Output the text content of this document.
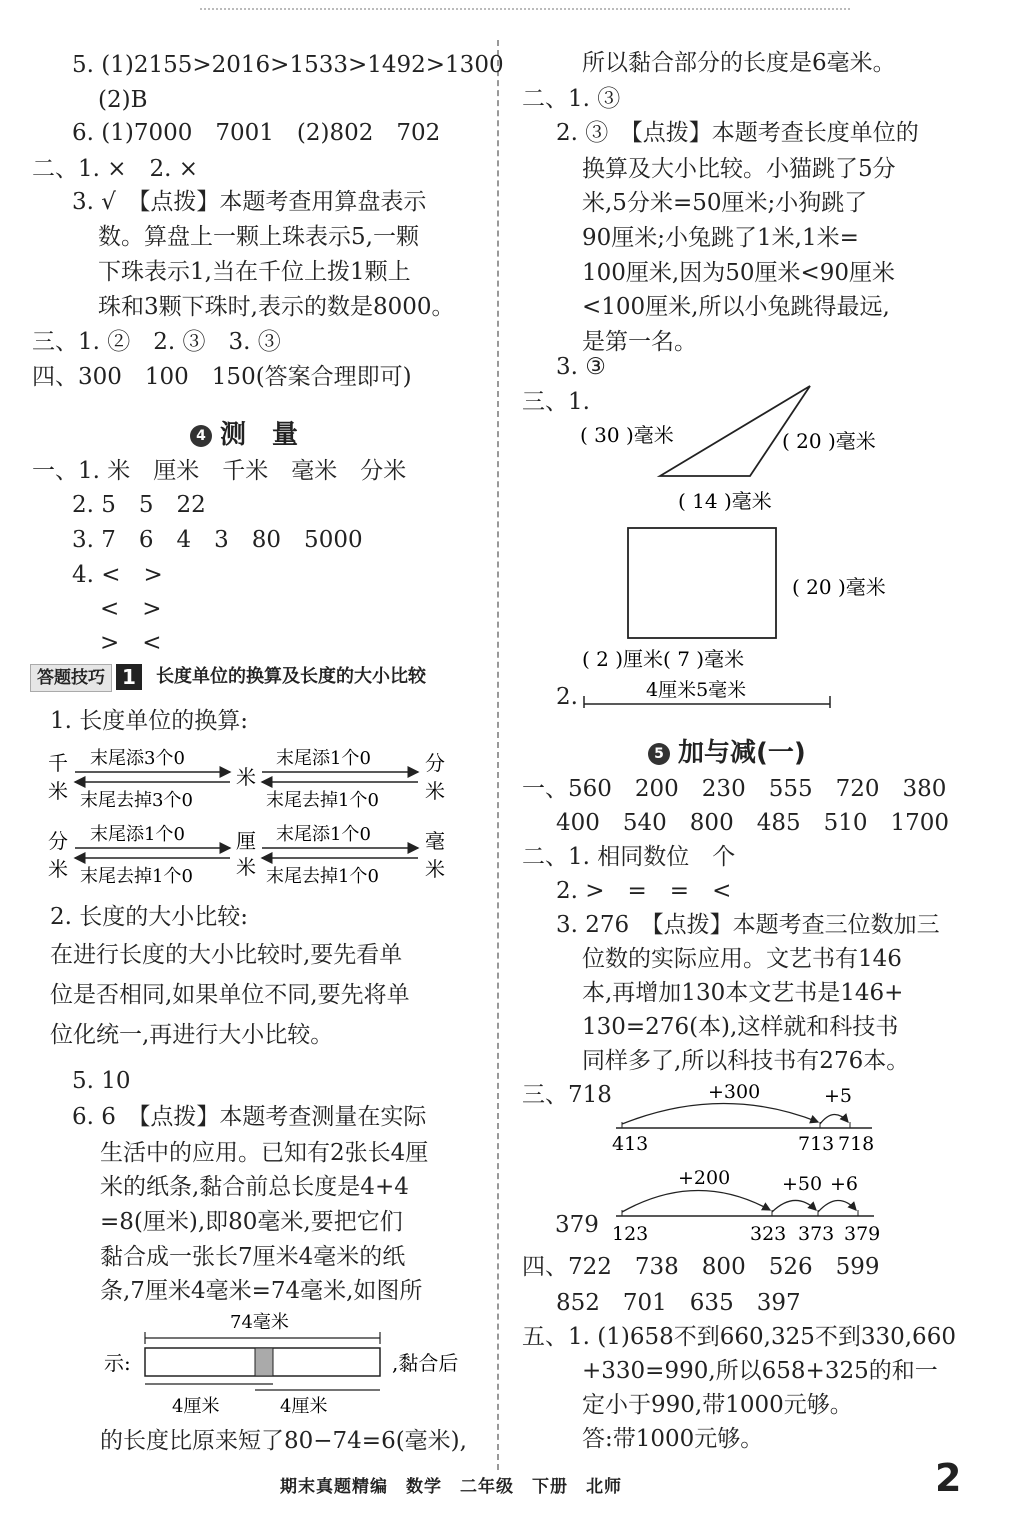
5. (1)2155>2016>1533>1492>1300
(2)B
6. (1)7000　7001　(2)802　702
二、1. ×　2. ×
3. √　【点拨】本题考查用算盘表示
数。算盘上一颗上珠表示5,一颗
下珠表示1,当在千位上拨1颗上
珠和3颗下珠时,表示的数是8000。
三、1. ②　2. ③　3. ③
四、300　100　150(答案合理即可)
4 测　量
一、1. 米　厘米　千米　毫米　分米
2. 5　5　22
3. 7　6　4　3　80　5000
4. <　>
<　>
>　<
答题技巧 1	长度单位的换算及长度的大小比较
1. 长度单位的换算:
千
米
末尾添3个0
末尾去掉3个0
米
末尾添1个0
末尾去掉1个0
分
米
分
米
末尾添1个0
末尾去掉1个0
厘
米
末尾添1个0
末尾去掉1个0
毫
米
2. 长度的大小比较:
在进行长度的大小比较时,要先看单
位是否相同,如果单位不同,要先将单
位化统一,再进行大小比较。
5. 10
6. 6　【点拨】本题考查测量在实际
生活中的应用。已知有2张长4厘
米的纸条,黏合前总长度是4+4
=8(厘米),即80毫米,要把它们
黏合成一张长7厘米4毫米的纸
条,7厘米4毫米=74毫米,如图所
74毫米
示:	,黏合后
4厘米	4厘米
的长度比原来短了80−74=6(毫米),
所以黏合部分的长度是6毫米。
二、1. ③
2. ③　【点拨】本题考查长度单位的
换算及大小比较。小猫跳了5分
米,5分米=50厘米;小狗跳了
90厘米;小兔跳了1米,1米=
100厘米,因为50厘米<90厘米
<100厘米,所以小兔跳得最远,
是第一名。
3. ③
三、1.
( 30 )毫米	( 20 )毫米
( 14 )毫米
( 20 )毫米
( 2 )厘米( 7 )毫米
2.	4厘米5毫米
5 加与减(一)
一、560　200　230　555　720　380
400　540　800　485　510　1700
二、1. 相同数位　个
2. >　=　=　<
3. 276　【点拨】本题考查三位数加三
位数的实际应用。文艺书有146
本,再增加130本文艺书是146+
130=276(本),这样就和科技书
同样多了,所以科技书有276本。
三、718	+300	+5
413	713 718
379
+200	+50 +6
123	323 373 379
四、722　738　800　526　599
852　701　635　397
五、1. (1)658不到660,325不到330,660
+330=990,所以658+325的和一
定小于990,带1000元够。
答:带1000元够。
期末真题精编　数学　二年级　下册　北师	2
